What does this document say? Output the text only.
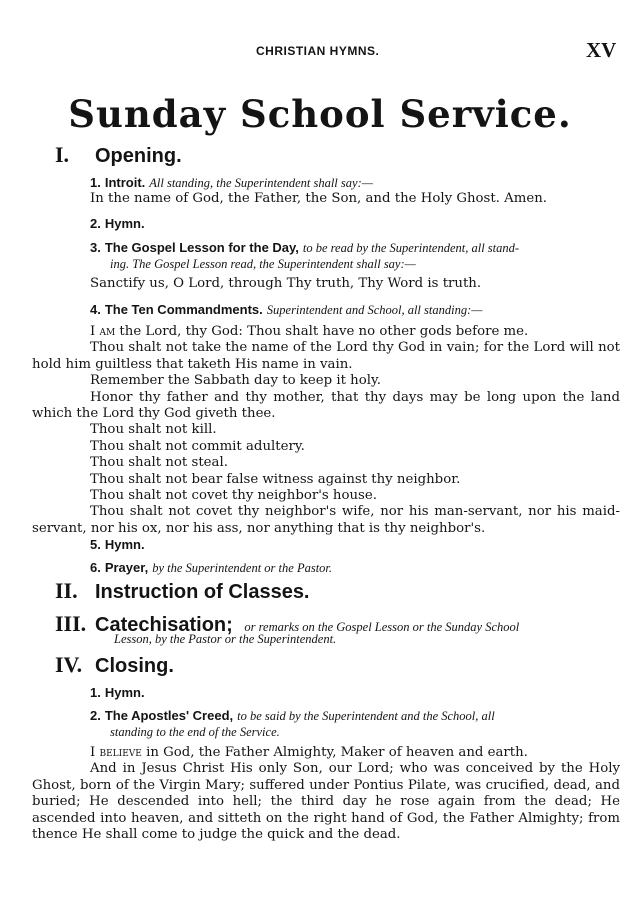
CHRISTIAN HYMNS.	XV
Sunday School Service.
I. Opening.
1. Introit. All standing, the Superintendent shall say:—
In the name of God, the Father, the Son, and the Holy Ghost. Amen.
2. Hymn.
3. The Gospel Lesson for the Day, to be read by the Superintendent, all stand-
ing. The Gospel Lesson read, the Superintendent shall say:—
Sanctify us, O Lord, through Thy truth, Thy Word is truth.
4. The Ten Commandments. Superintendent and School, all standing:—

I am the Lord, thy God: Thou shalt have no other gods before me.

Thou shalt not take the name of the Lord thy God in vain; for the Lord will not hold him guiltless that taketh His name in vain.

Remember the Sabbath day to keep it holy.

Honor thy father and thy mother, that thy days may be long upon the land which the Lord thy God giveth thee.

Thou shalt not kill.

Thou shalt not commit adultery.

Thou shalt not steal.

Thou shalt not bear false witness against thy neighbor.

Thou shalt not covet thy neighbor's house.

Thou shalt not covet thy neighbor's wife, nor his man-servant, nor his maid-servant, nor his ox, nor his ass, nor anything that is thy neighbor's.

5. Hymn.
6. Prayer, by the Superintendent or the Pastor.
II. Instruction of Classes.
III. Catechisation; or remarks on the Gospel Lesson or the Sunday School
Lesson, by the Pastor or the Superintendent.
IV. Closing.
1. Hymn.
2. The Apostles' Creed, to be said by the Superintendent and the School, all
standing to the end of the Service.

I believe in God, the Father Almighty, Maker of heaven and earth.

And in Jesus Christ His only Son, our Lord; who was conceived by the Holy Ghost, born of the Virgin Mary; suffered under Pontius Pilate, was crucified, dead, and buried; He descended into hell; the third day he rose again from the dead; He ascended into heaven, and sitteth on the right hand of God, the Father Almighty; from thence He shall come to judge the quick and the dead.
